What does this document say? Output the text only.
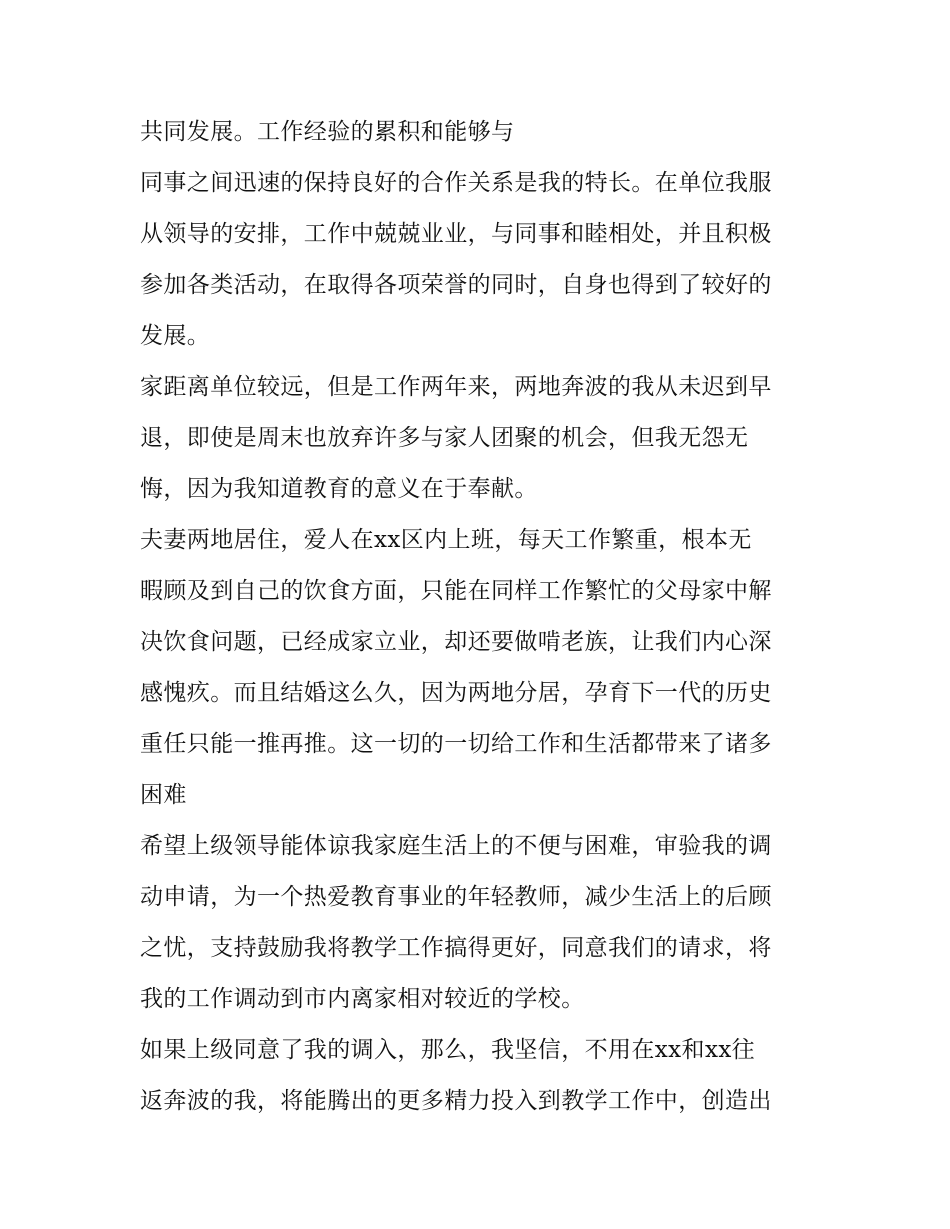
共同发展。工作经验的累积和能够与
同事之间迅速的保持良好的合作关系是我的特长。在单位我服
从领导的安排，工作中兢兢业业，与同事和睦相处，并且积极
参加各类活动，在取得各项荣誉的同时，自身也得到了较好的
发展。
家距离单位较远，但是工作两年来，两地奔波的我从未迟到早
退，即使是周末也放弃许多与家人团聚的机会，但我无怨无
悔，因为我知道教育的意义在于奉献。
夫妻两地居住，爱人在xx区内上班，每天工作繁重，根本无
暇顾及到自己的饮食方面，只能在同样工作繁忙的父母家中解
决饮食问题，已经成家立业，却还要做啃老族，让我们内心深
感愧疚。而且结婚这么久，因为两地分居，孕育下一代的历史
重任只能一推再推。这一切的一切给工作和生活都带来了诸多
困难
希望上级领导能体谅我家庭生活上的不便与困难，审验我的调
动申请，为一个热爱教育事业的年轻教师，减少生活上的后顾
之忧，支持鼓励我将教学工作搞得更好，同意我们的请求，将
我的工作调动到市内离家相对较近的学校。
如果上级同意了我的调入，那么，我坚信，不用在xx和xx往
返奔波的我，将能腾出的更多精力投入到教学工作中，创造出
